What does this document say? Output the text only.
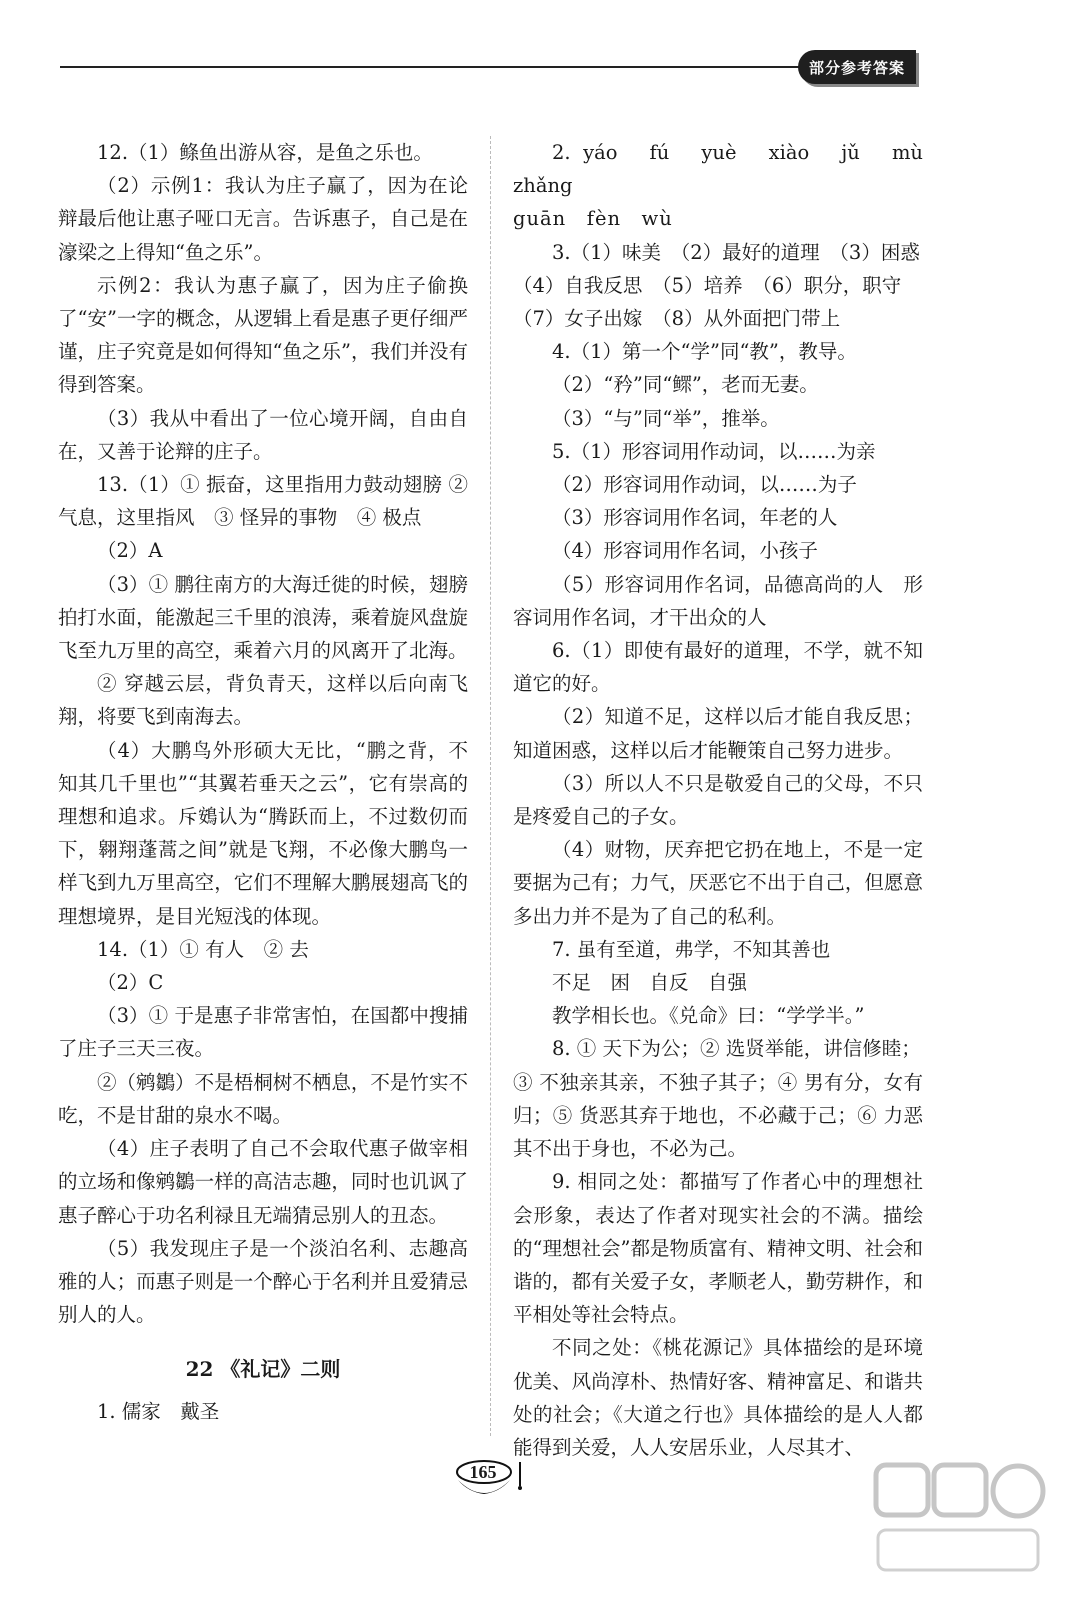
部分参考答案

12.（1）鲦鱼出游从容，是鱼之乐也。

（2）示例1：我认为庄子赢了，因为在论辩最后他让惠子哑口无言。告诉惠子，自己是在濠梁之上得知“鱼之乐”。

示例2：我认为惠子赢了，因为庄子偷换了“安”一字的概念，从逻辑上看是惠子更仔细严谨，庄子究竟是如何得知“鱼之乐”，我们并没有得到答案。

（3）我从中看出了一位心境开阔，自由自在，又善于论辩的庄子。

13.（1）① 振奋，这里指用力鼓动翅膀 ② 气息，这里指风　③ 怪异的事物　④ 极点

（2）A

（3）① 鹏往南方的大海迁徙的时候，翅膀拍打水面，能激起三千里的浪涛，乘着旋风盘旋飞至九万里的高空，乘着六月的风离开了北海。

② 穿越云层，背负青天，这样以后向南飞翔，将要飞到南海去。

（4）大鹏鸟外形硕大无比，“鹏之背，不知其几千里也”“其翼若垂天之云”，它有崇高的理想和追求。斥鴳认为“腾跃而上，不过数仞而下，翱翔蓬蒿之间”就是飞翔，不必像大鹏鸟一样飞到九万里高空，它们不理解大鹏展翅高飞的理想境界，是目光短浅的体现。

14.（1）① 有人　② 去

（2）C

（3）① 于是惠子非常害怕，在国都中搜捕了庄子三天三夜。

②（鹓鶵）不是梧桐树不栖息，不是竹实不吃，不是甘甜的泉水不喝。

（4）庄子表明了自己不会取代惠子做宰相的立场和像鹓鶵一样的高洁志趣，同时也讥讽了惠子醉心于功名利禄且无端猜忌别人的丑态。

（5）我发现庄子是一个淡泊名利、志趣高雅的人；而惠子则是一个醉心于名利并且爱猜忌别人的人。

22 《礼记》二则

1. 儒家　戴圣

2. yáo　fú　yuè　xiào　jǔ　mù　zhǎng

guān　fèn　wù

3.（1）味美　（2）最好的道理　（3）困惑

（4）自我反思　（5）培养　（6）职分，职守

（7）女子出嫁　（8）从外面把门带上

4.（1）第一个“学”同“教”，教导。

（2）“矜”同“鳏”，老而无妻。

（3）“与”同“举”，推举。

5.（1）形容词用作动词，以……为亲

（2）形容词用作动词，以……为子

（3）形容词用作名词，年老的人

（4）形容词用作名词，小孩子

（5）形容词用作名词，品德高尚的人　形容词用作名词，才干出众的人

6.（1）即使有最好的道理，不学，就不知道它的好。

（2）知道不足，这样以后才能自我反思；知道困惑，这样以后才能鞭策自己努力进步。

（3）所以人不只是敬爱自己的父母，不只是疼爱自己的子女。

（4）财物，厌弃把它扔在地上，不是一定要据为己有；力气，厌恶它不出于自己，但愿意多出力并不是为了自己的私利。

7. 虽有至道，弗学，不知其善也

不足　困　自反　自强

教学相长也。《兑命》曰：“学学半。”

8. ① 天下为公；② 选贤举能，讲信修睦；

③ 不独亲其亲，不独子其子；④ 男有分，女有归；⑤ 货恶其弃于地也，不必藏于己；⑥ 力恶其不出于身也，不必为己。

9. 相同之处：都描写了作者心中的理想社会形象，表达了作者对现实社会的不满。描绘的“理想社会”都是物质富有、精神文明、社会和谐的，都有关爱子女，孝顺老人，勤劳耕作，和平相处等社会特点。

不同之处：《桃花源记》具体描绘的是环境优美、风尚淳朴、热情好客、精神富足、和谐共处的社会；《大道之行也》具体描绘的是人人都能得到关爱，人人安居乐业，人尽其才、

165
